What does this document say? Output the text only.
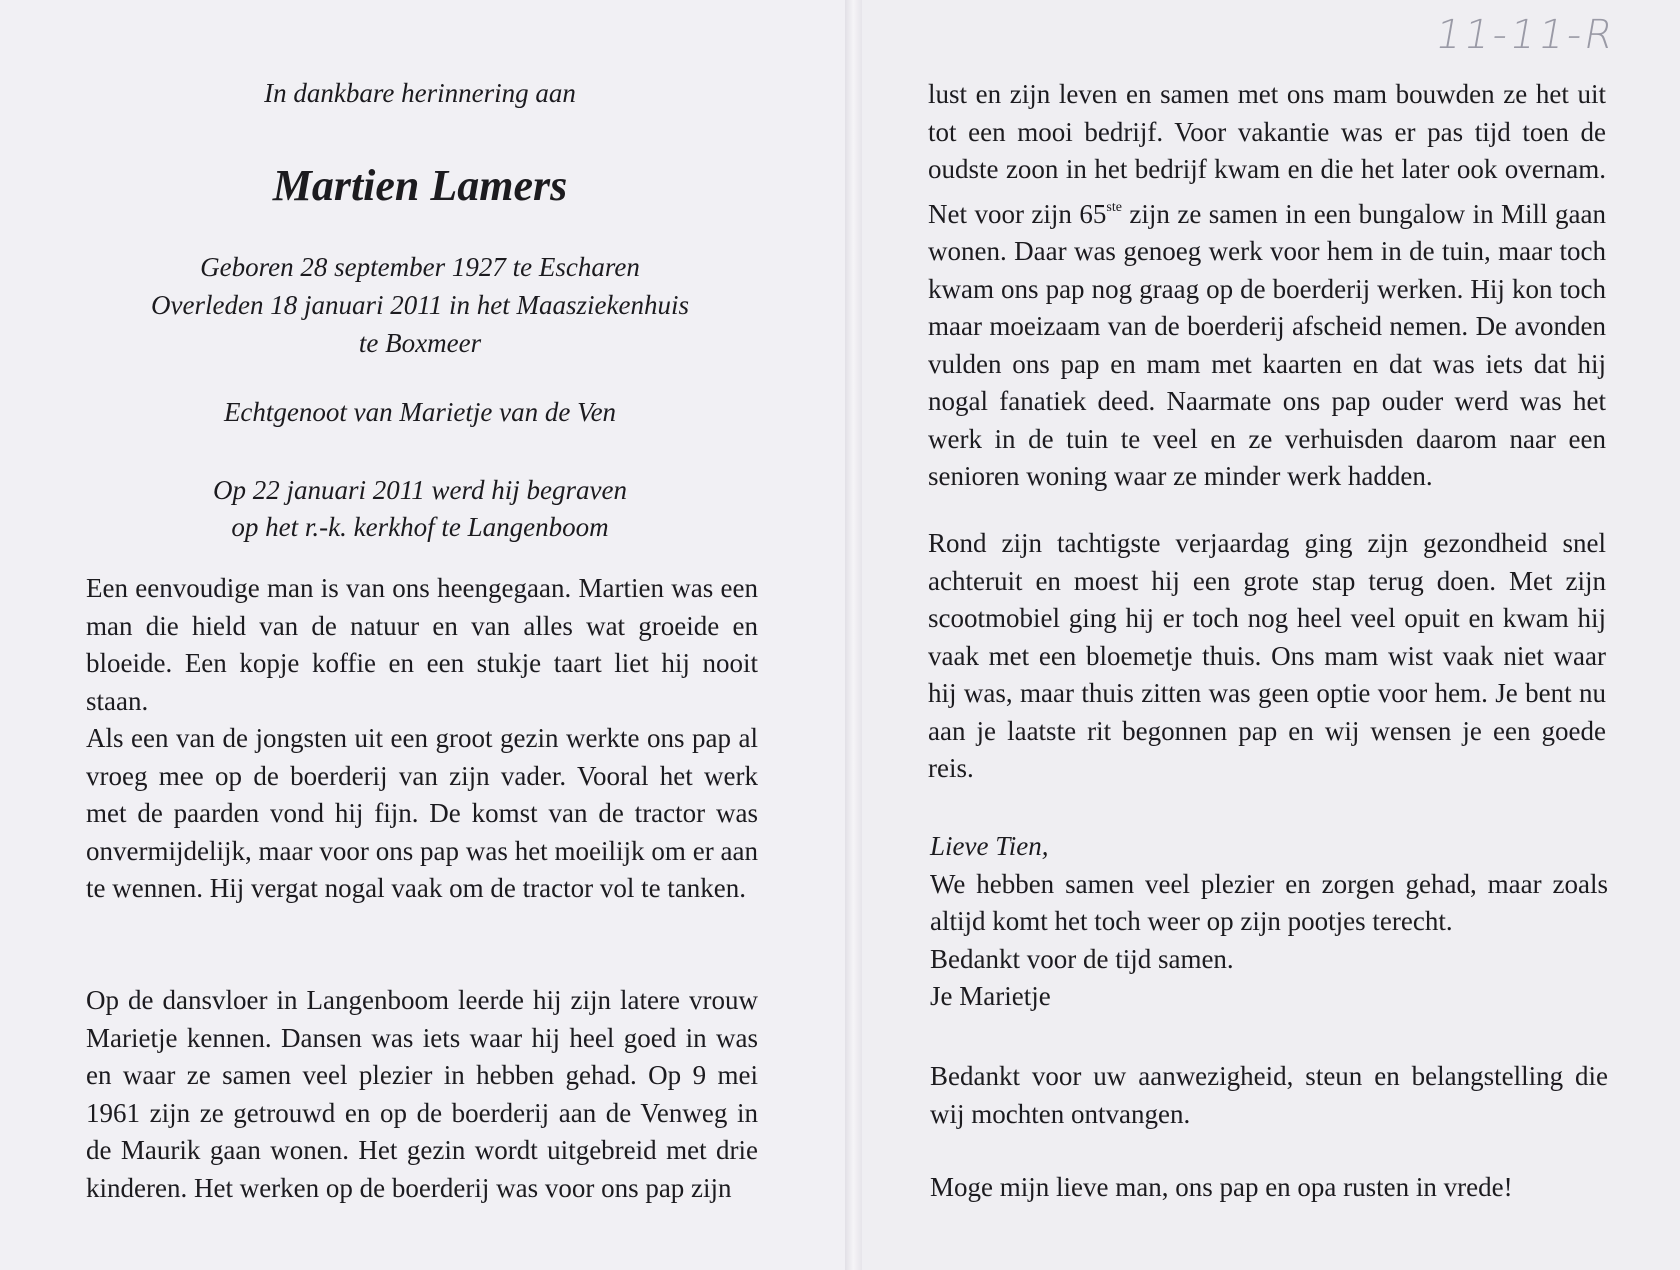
In dankbare herinnering aan
Martien Lamers
Geboren 28 september 1927 te Escharen
Overleden 18 januari 2011 in het Maasziekenhuis
te Boxmeer
Echtgenoot van Marietje van de Ven
Op 22 januari 2011 werd hij begraven
op het r.-k. kerkhof te Langenboom

Een eenvoudige man is van ons heengegaan. Martien was een man die hield van de natuur en van alles wat groeide en bloeide. Een kopje koffie en een stukje taart liet hij nooit staan.

Als een van de jongsten uit een groot gezin werkte ons pap al vroeg mee op de boerderij van zijn vader. Vooral het werk met de paarden vond hij fijn. De komst van de tractor was onvermijdelijk, maar voor ons pap was het moeilijk om er aan te wennen. Hij vergat nogal vaak om de tractor vol te tanken.

Op de dansvloer in Langenboom leerde hij zijn latere vrouw Marietje kennen. Dansen was iets waar hij heel goed in was en waar ze samen veel plezier in hebben gehad. Op 9 mei 1961 zijn ze getrouwd en op de boerderij aan de Venweg in de Maurik gaan wonen. Het gezin wordt uitgebreid met drie kinderen. Het werken op de boerderij was voor ons pap zijn

lust en zijn leven en samen met ons mam bouwden ze het uit tot een mooi bedrijf. Voor vakantie was er pas tijd toen de oudste zoon in het bedrijf kwam en die het later ook overnam. Net voor zijn 65ste zijn ze samen in een bungalow in Mill gaan wonen. Daar was genoeg werk voor hem in de tuin, maar toch kwam ons pap nog graag op de boerderij werken. Hij kon toch maar moeizaam van de boerderij afscheid nemen. De avonden vulden ons pap en mam met kaarten en dat was iets dat hij nogal fanatiek deed. Naarmate ons pap ouder werd was het werk in de tuin te veel en ze verhuisden daarom naar een senioren woning waar ze minder werk hadden.

Rond zijn tachtigste verjaardag ging zijn gezondheid snel achteruit en moest hij een grote stap terug doen. Met zijn scootmobiel ging hij er toch nog heel veel opuit en kwam hij vaak met een bloemetje thuis. Ons mam wist vaak niet waar hij was, maar thuis zitten was geen optie voor hem. Je bent nu aan je laatste rit begonnen pap en wij wensen je een goede reis.

Lieve Tien,

We hebben samen veel plezier en zorgen gehad, maar zoals altijd komt het toch weer op zijn pootjes terecht.

Bedankt voor de tijd samen.

Je Marietje

Bedankt voor uw aanwezigheid, steun en belangstelling die wij mochten ontvangen.

Moge mijn lieve man, ons pap en opa rusten in vrede!

11-11-R
